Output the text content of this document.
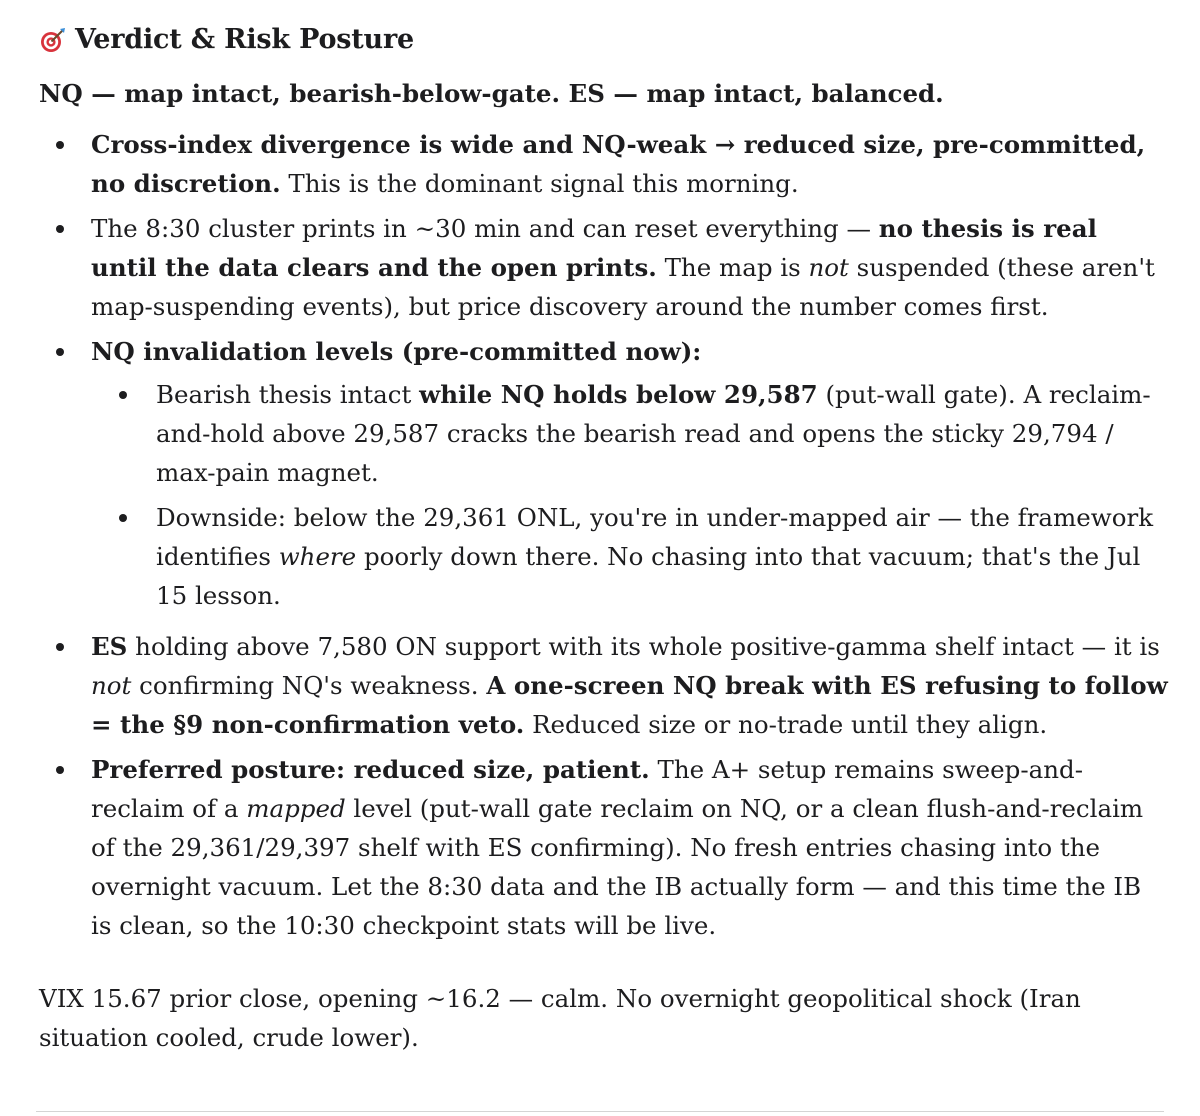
Verdict & Risk Posture

NQ — map intact, bearish-below-gate. ES — map intact, balanced.

Cross-index divergence is wide and NQ-weak → reduced size, pre-committed, no discretion. This is the dominant signal this morning.
The 8:30 cluster prints in ~30 min and can reset everything — no thesis is real until the data clears and the open prints. The map is not suspended (these aren't map-suspending events), but price discovery around the number comes first.
NQ invalidation levels (pre-committed now):
Bearish thesis intact while NQ holds below 29,587 (put-wall gate). A reclaim-and-hold above 29,587 cracks the bearish read and opens the sticky 29,794 / max-pain magnet.
Downside: below the 29,361 ONL, you're in under-mapped air — the framework identifies where poorly down there. No chasing into that vacuum; that's the Jul 15 lesson.
ES holding above 7,580 ON support with its whole positive-gamma shelf intact — it is not confirming NQ's weakness. A one-screen NQ break with ES refusing to follow = the §9 non-confirmation veto. Reduced size or no-trade until they align.
Preferred posture: reduced size, patient. The A+ setup remains sweep-and-reclaim of a mapped level (put-wall gate reclaim on NQ, or a clean flush-and-reclaim of the 29,361/29,397 shelf with ES confirming). No fresh entries chasing into the overnight vacuum. Let the 8:30 data and the IB actually form — and this time the IB is clean, so the 10:30 checkpoint stats will be live.

VIX 15.67 prior close, opening ~16.2 — calm. No overnight geopolitical shock (Iran situation cooled, crude lower).
